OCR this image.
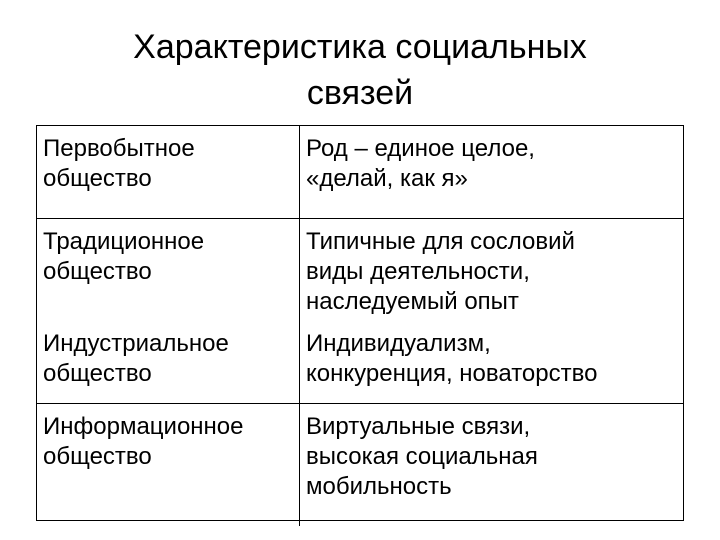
Характеристика социальных
связей
Первобытное
общество	Род – единое целое,
«делай, как я»

Традиционное
общество	Типичные для сословий
виды деятельности,
наследуемый опыт

Индустриальное
общество	Индивидуализм,
конкуренция, новаторство

Информационное
общество	Виртуальные связи,
высокая социальная
мобильность
